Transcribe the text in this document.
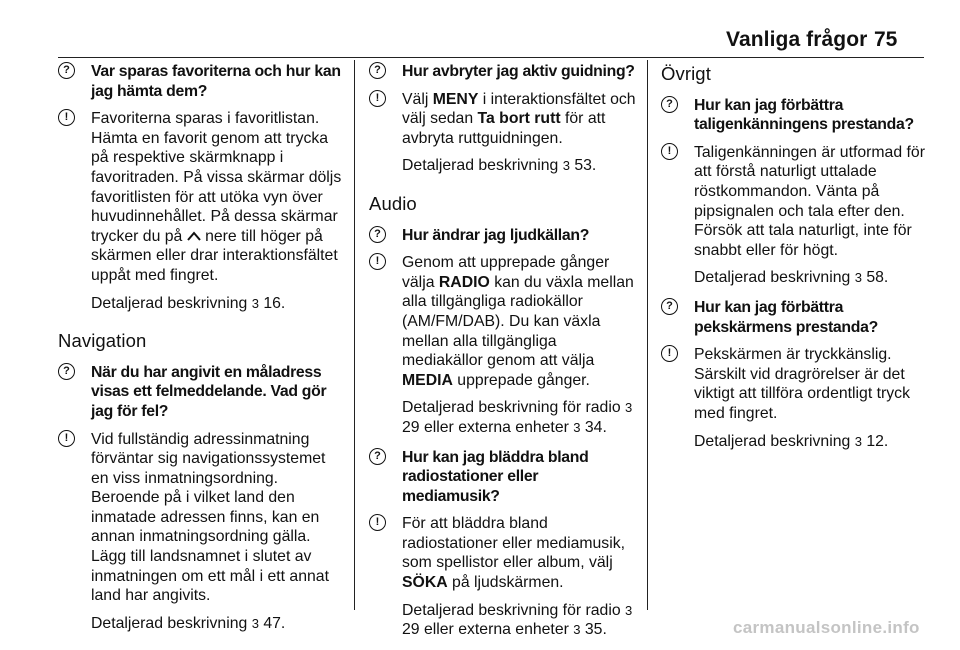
Vanliga frågor 75
?	Var sparas favoriterna och hur kan jag hämta dem?
!	Favoriterna sparas i favoritlistan. Hämta en favorit genom att trycka på respektive skärmknapp i favoritraden. På vissa skärmar döljs favoritlisten för att utöka vyn över huvudinnehållet. På dessa skärmar trycker du på nere till höger på skärmen eller drar interaktionsfältet uppåt med fingret.
Detaljerad beskrivning 3 16.
Navigation
?	När du har angivit en måladress visas ett felmeddelande. Vad gör jag för fel?
!	Vid fullständig adressinmatning förväntar sig navigationssystemet en viss inmatningsordning. Beroende på i vilket land den inmatade adressen finns, kan en annan inmatningsordning gälla. Lägg till landsnamnet i slutet av inmatningen om ett mål i ett annat land har angivits.
Detaljerad beskrivning 3 47.
?	Hur avbryter jag aktiv guidning?
!	Välj MENY i interaktionsfältet och välj sedan Ta bort rutt för att avbryta ruttguidningen.
Detaljerad beskrivning 3 53.
Audio
?	Hur ändrar jag ljudkällan?
!	Genom att upprepade gånger välja RADIO kan du växla mellan alla tillgängliga radiokällor (AM/FM/DAB). Du kan växla mellan alla tillgängliga mediakällor genom att välja MEDIA upprepade gånger.
Detaljerad beskrivning för radio 3 29 eller externa enheter 3 34.
?	Hur kan jag bläddra bland radiostationer eller mediamusik?
!	För att bläddra bland radiostationer eller mediamusik, som spellistor eller album, välj SÖKA på ljudskärmen.
Detaljerad beskrivning för radio 3 29 eller externa enheter 3 35.
Övrigt
?	Hur kan jag förbättra taligenkänningens prestanda?
!	Taligenkänningen är utformad för att förstå naturligt uttalade röstkommandon. Vänta på pipsignalen och tala efter den. Försök att tala naturligt, inte för snabbt eller för högt.
Detaljerad beskrivning 3 58.
?	Hur kan jag förbättra pekskärmens prestanda?
!	Pekskärmen är tryckkänslig. Särskilt vid dragrörelser är det viktigt att tillföra ordentligt tryck med fingret.
Detaljerad beskrivning 3 12.
carmanualsonline.info
